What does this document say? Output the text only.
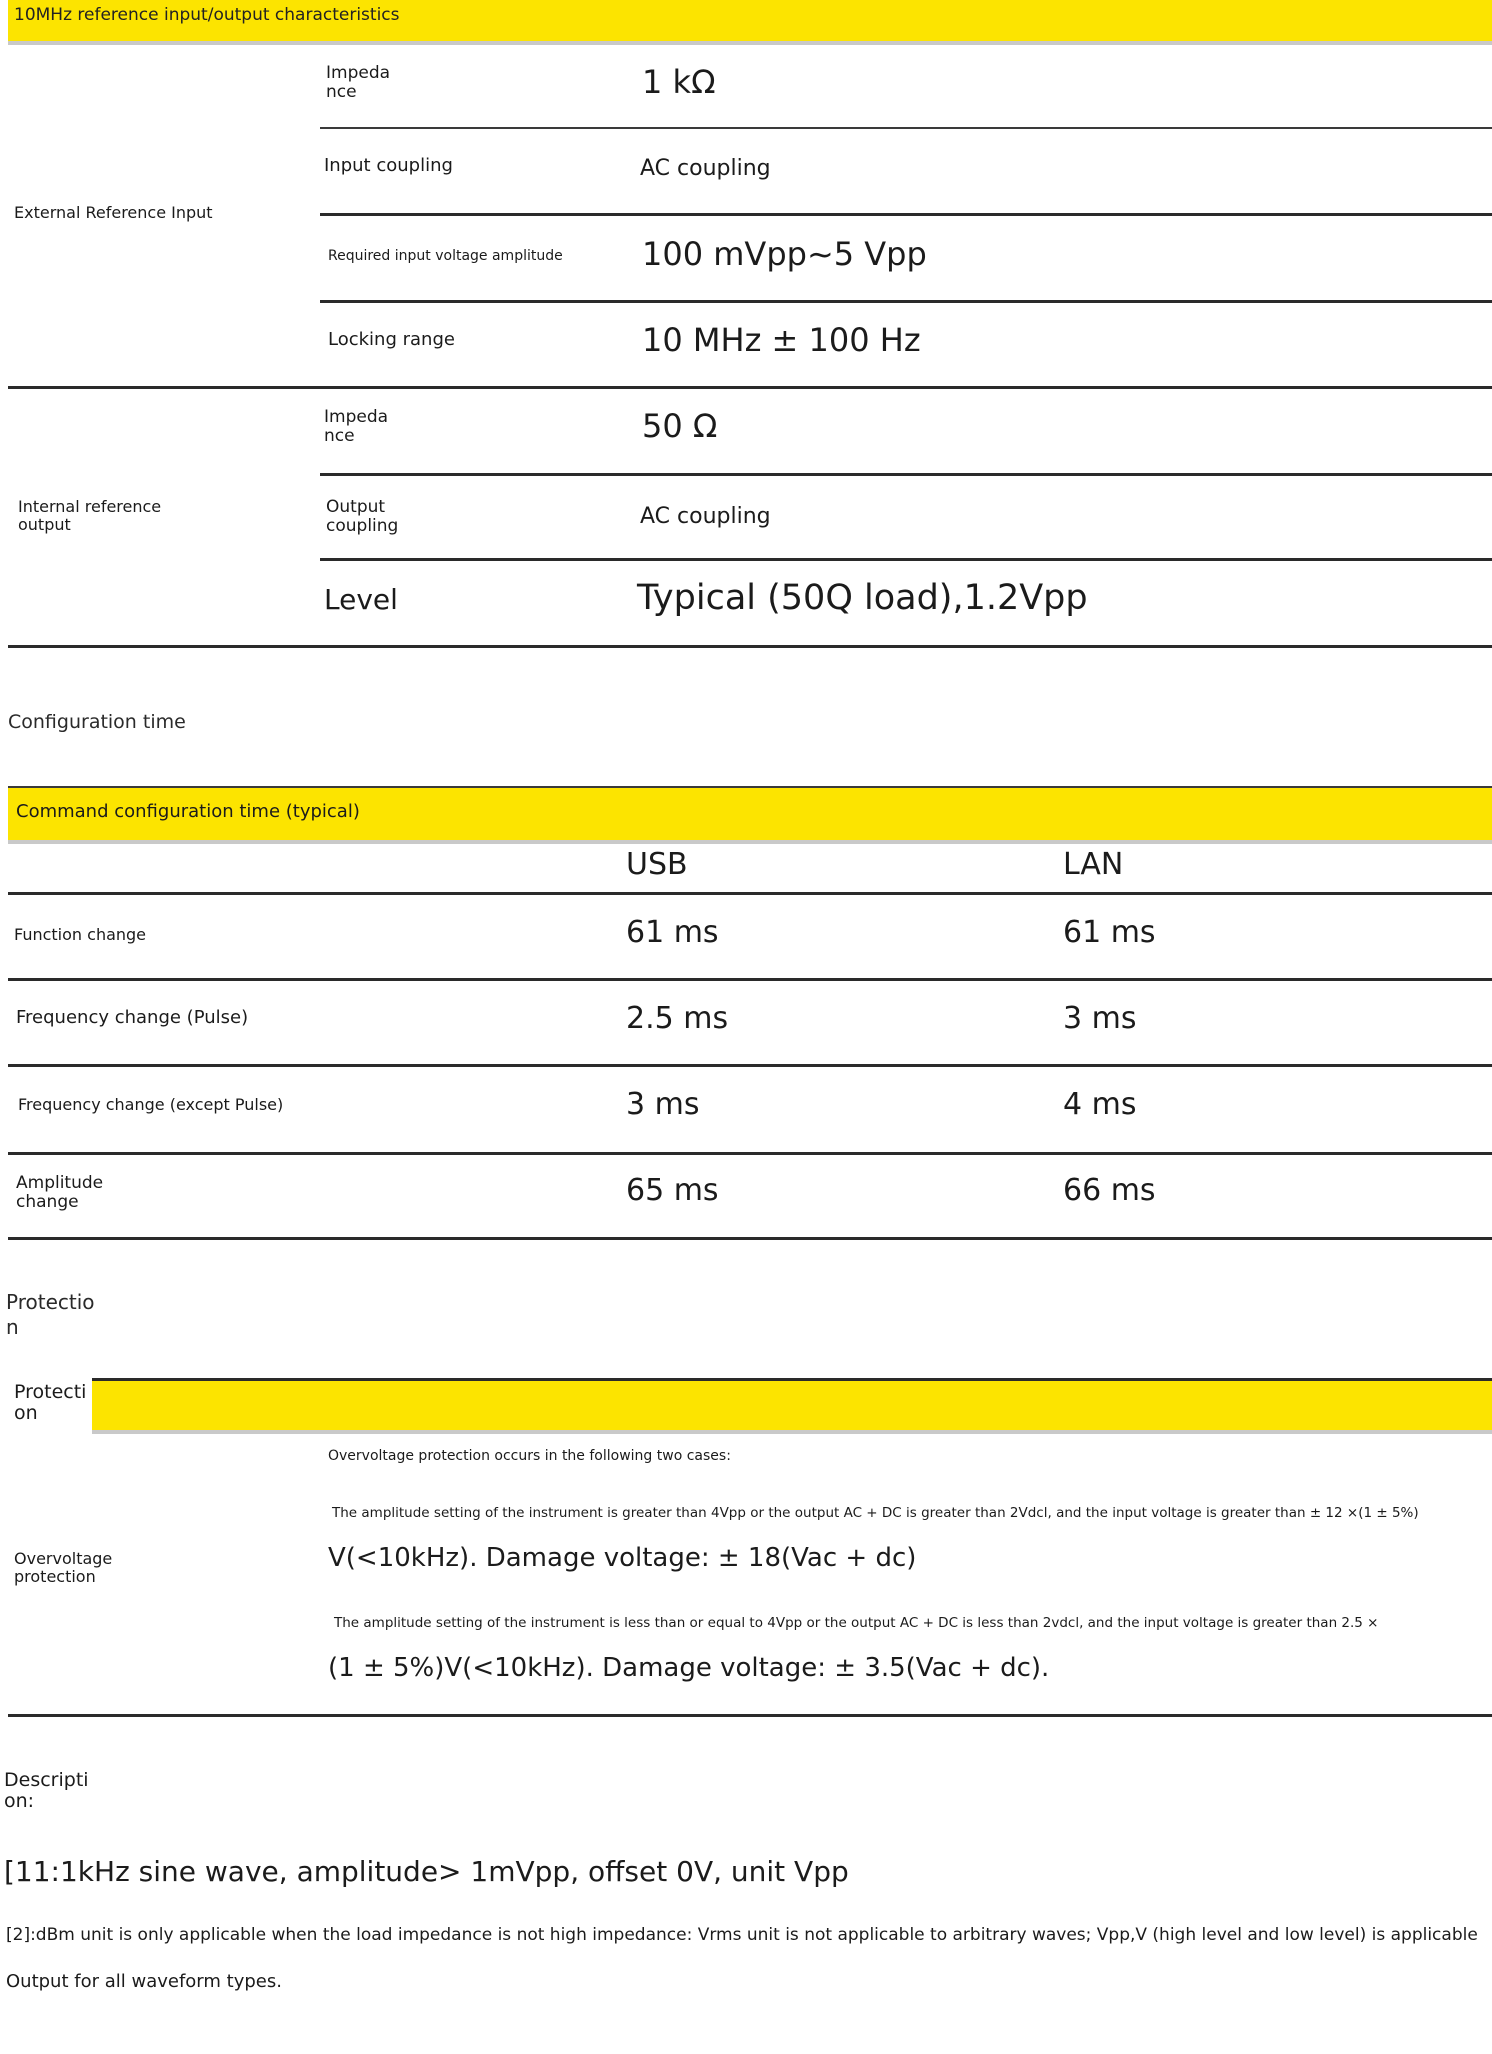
10MHz reference input/output characteristics
External Reference Input
Impeda
nce	1 kΩ
Input coupling	AC coupling
Required input voltage amplitude 100 mVpp~5 Vpp
Locking range	10 MHz ± 100 Hz
Internal reference
output
Impeda
nce	50 Ω
Output
coupling	AC coupling
Level	Typical (50Q load),1.2Vpp
Configuration time
Command configuration time (typical)
USB	LAN
Function change	61 ms	61 ms
Frequency change (Pulse)	2.5 ms	3 ms
Frequency change (except Pulse)	3 ms	4 ms
Amplitude
change	65 ms	66 ms
Protectio
n
Protecti
on
Overvoltage
protection
Overvoltage protection occurs in the following two cases:
The amplitude setting of the instrument is greater than 4Vpp or the output AC + DC is greater than 2Vdcl, and the input voltage is greater than ± 12 ×(1 ± 5%)
V(<10kHz). Damage voltage: ± 18(Vac + dc)
The amplitude setting of the instrument is less than or equal to 4Vpp or the output AC + DC is less than 2vdcl, and the input voltage is greater than 2.5 ×
(1 ± 5%)V(<10kHz). Damage voltage: ± 3.5(Vac + dc).
Descripti
on:
[11:1kHz sine wave, amplitude> 1mVpp, offset 0V, unit Vpp
[2]:dBm unit is only applicable when the load impedance is not high impedance: Vrms unit is not applicable to arbitrary waves; Vpp,V (high level and low level) is applicable
Output for all waveform types.
